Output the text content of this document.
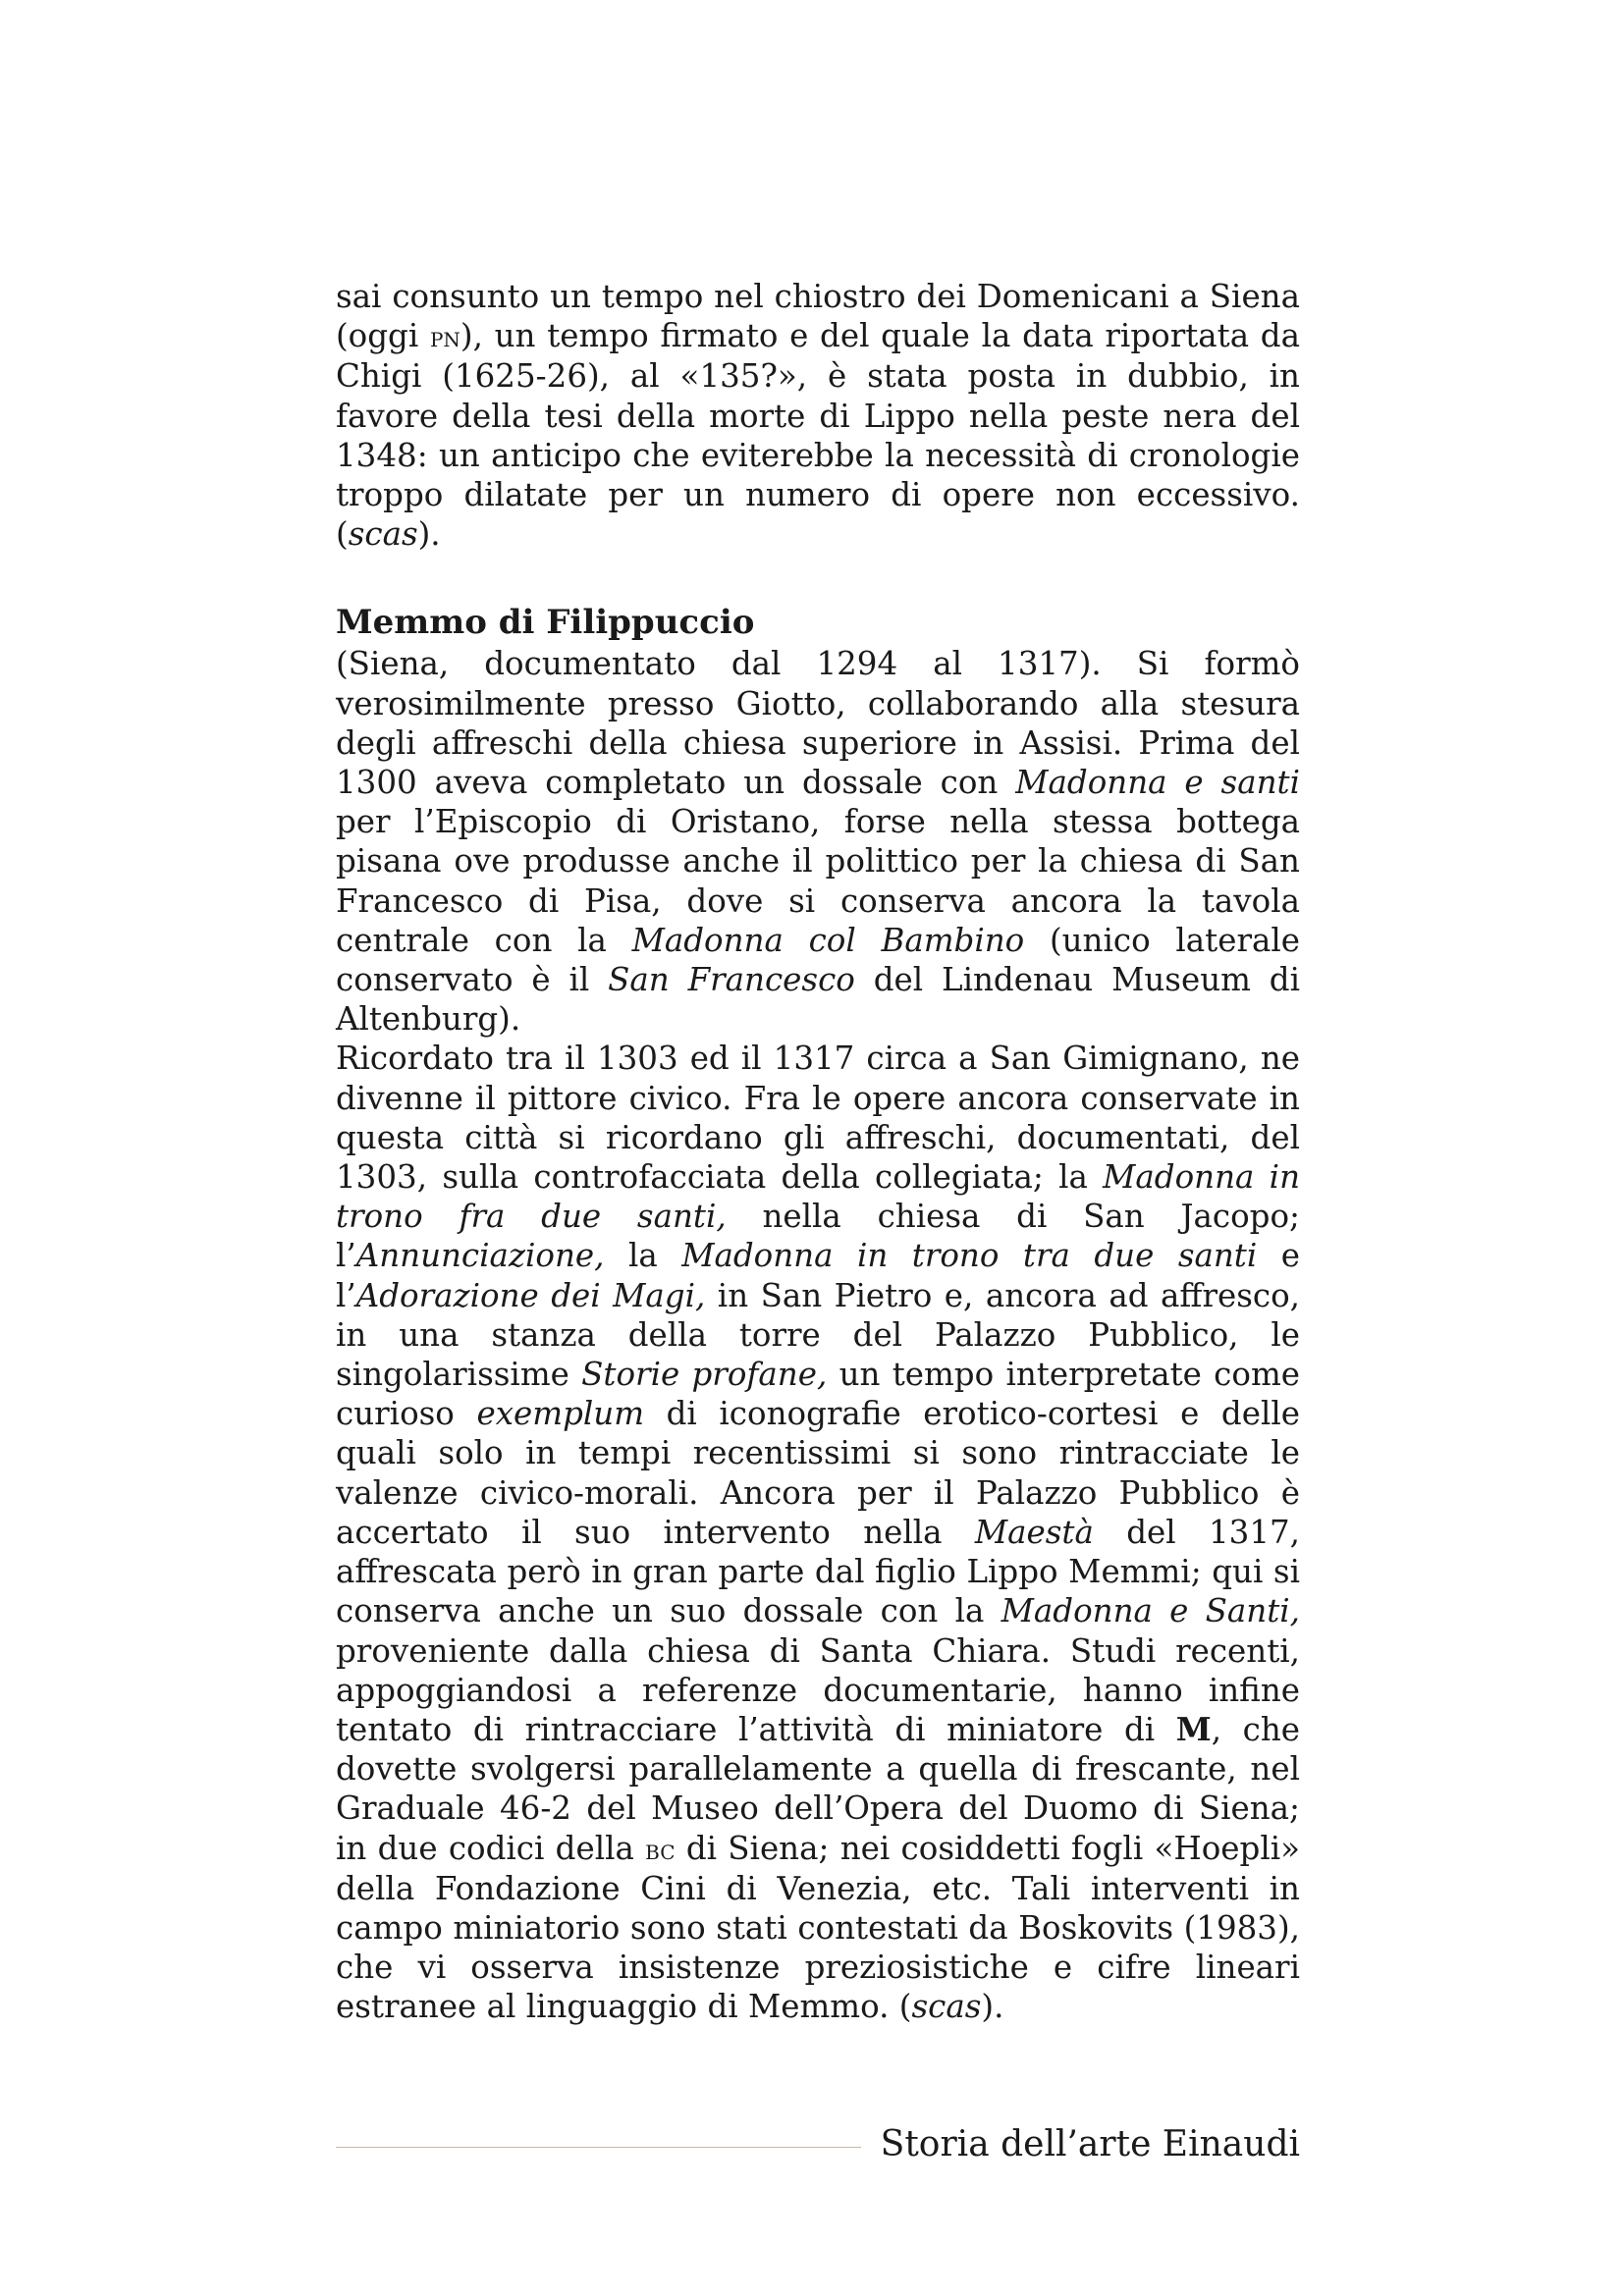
sai consunto un tempo nel chiostro dei Domenicani a Siena (oggi pn), un tempo firmato e del quale la data riportata da Chigi (1625-26), al «135?», è stata posta in dubbio, in favore della tesi della morte di Lippo nella peste nera del 1348: un anticipo che eviterebbe la necessità di cronologie troppo dilatate per un numero di opere non eccessivo. (scas).

Memmo di Filippuccio

(Siena, documentato dal 1294 al 1317). Si formò verosimilmente presso Giotto, collaborando alla stesura degli affreschi della chiesa superiore in Assisi. Prima del 1300 aveva completato un dossale con Madonna e santi per l’Episcopio di Oristano, forse nella stessa bottega pisana ove produsse anche il polittico per la chiesa di San Francesco di Pisa, dove si conserva ancora la tavola centrale con la Madonna col Bambino (unico laterale conservato è il San Francesco del Lindenau Museum di Altenburg).

Ricordato tra il 1303 ed il 1317 circa a San Gimignano, ne divenne il pittore civico. Fra le opere ancora conservate in questa città si ricordano gli affreschi, documentati, del 1303, sulla controfacciata della collegiata; la Madonna in trono fra due santi, nella chiesa di San Jacopo; l’Annunciazione, la Madonna in trono tra due santi e l’Adorazione dei Magi, in San Pietro e, ancora ad affresco, in una stanza della torre del Palazzo Pubblico, le singolarissime Storie profane, un tempo interpretate come curioso exemplum di iconografie erotico-cortesi e delle quali solo in tempi recentissimi si sono rintracciate le valenze civico-morali. Ancora per il Palazzo Pubblico è accertato il suo intervento nella Maestà del 1317, affrescata però in gran parte dal figlio Lippo Memmi; qui si conserva anche un suo dossale con la Madonna e Santi, proveniente dalla chiesa di Santa Chiara. Studi recenti, appoggiandosi a referenze documentarie, hanno infine tentato di rintracciare l’attività di miniatore di M, che dovette svolgersi parallelamente a quella di frescante, nel Graduale 46-2 del Museo dell’Opera del Duomo di Siena; in due codici della bc di Siena; nei cosiddetti fogli «Hoepli» della Fondazione Cini di Venezia, etc. Tali interventi in campo miniatorio sono stati contestati da Boskovits (1983), che vi osserva insistenze preziosistiche e cifre lineari estranee al linguaggio di Memmo. (scas).

Storia dell’arte Einaudi
